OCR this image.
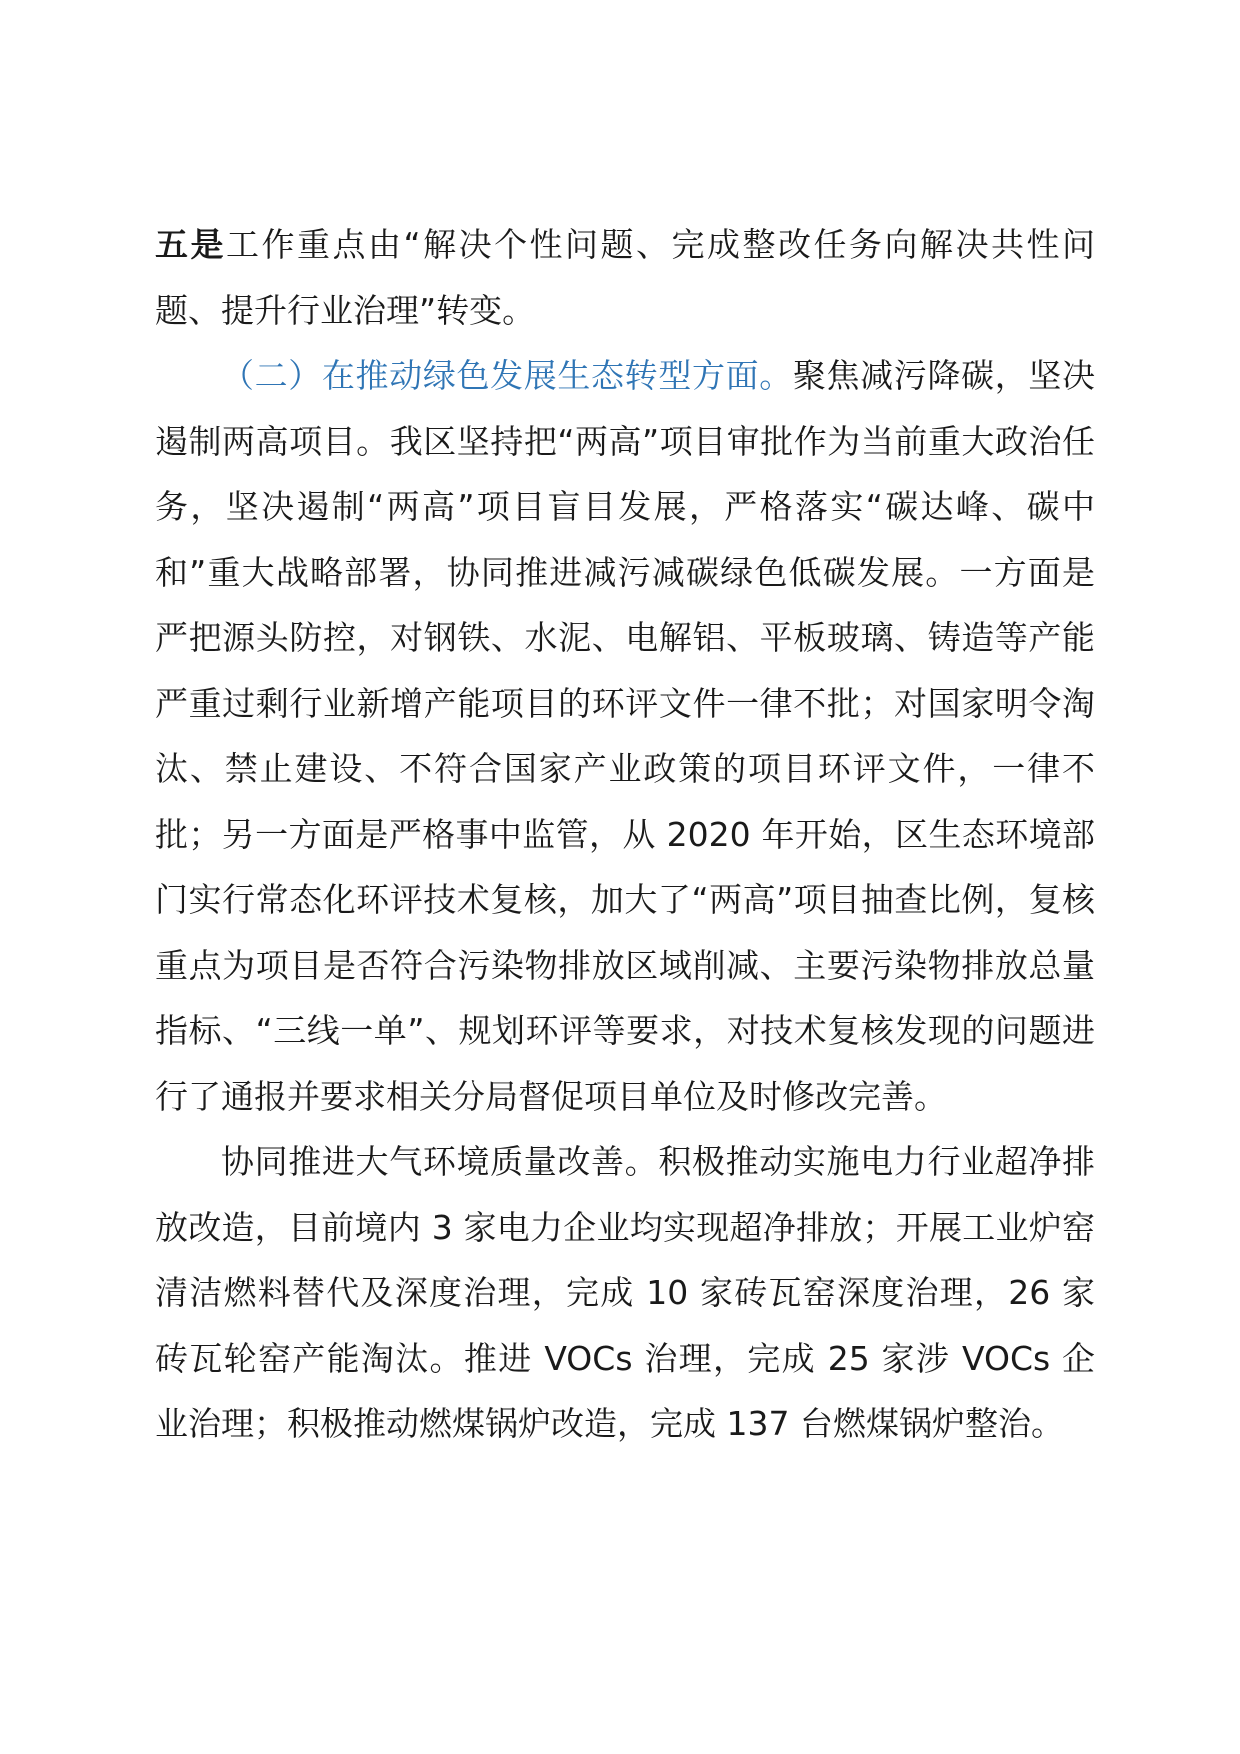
五是工作重点由“解决个性问题、完成整改任务向解决共性问题、提升行业治理”转变。

（二）在推动绿色发展生态转型方面。聚焦减污降碳，坚决遏制两高项目。我区坚持把“两高”项目审批作为当前重大政治任务，坚决遏制“两高”项目盲目发展，严格落实“碳达峰、碳中和”重大战略部署，协同推进减污减碳绿色低碳发展。一方面是严把源头防控，对钢铁、水泥、电解铝、平板玻璃、铸造等产能严重过剩行业新增产能项目的环评文件一律不批；对国家明令淘汰、禁止建设、不符合国家产业政策的项目环评文件，一律不批；另一方面是严格事中监管，从 2020 年开始，区生态环境部门实行常态化环评技术复核，加大了“两高”项目抽查比例，复核重点为项目是否符合污染物排放区域削减、主要污染物排放总量指标、“三线一单”、规划环评等要求，对技术复核发现的问题进行了通报并要求相关分局督促项目单位及时修改完善。

协同推进大气环境质量改善。积极推动实施电力行业超净排放改造，目前境内 3 家电力企业均实现超净排放；开展工业炉窑清洁燃料替代及深度治理，完成 10 家砖瓦窑深度治理，26 家砖瓦轮窑产能淘汰。推进 VOCs 治理，完成 25 家涉 VOCs 企业治理；积极推动燃煤锅炉改造，完成 137 台燃煤锅炉整治。
